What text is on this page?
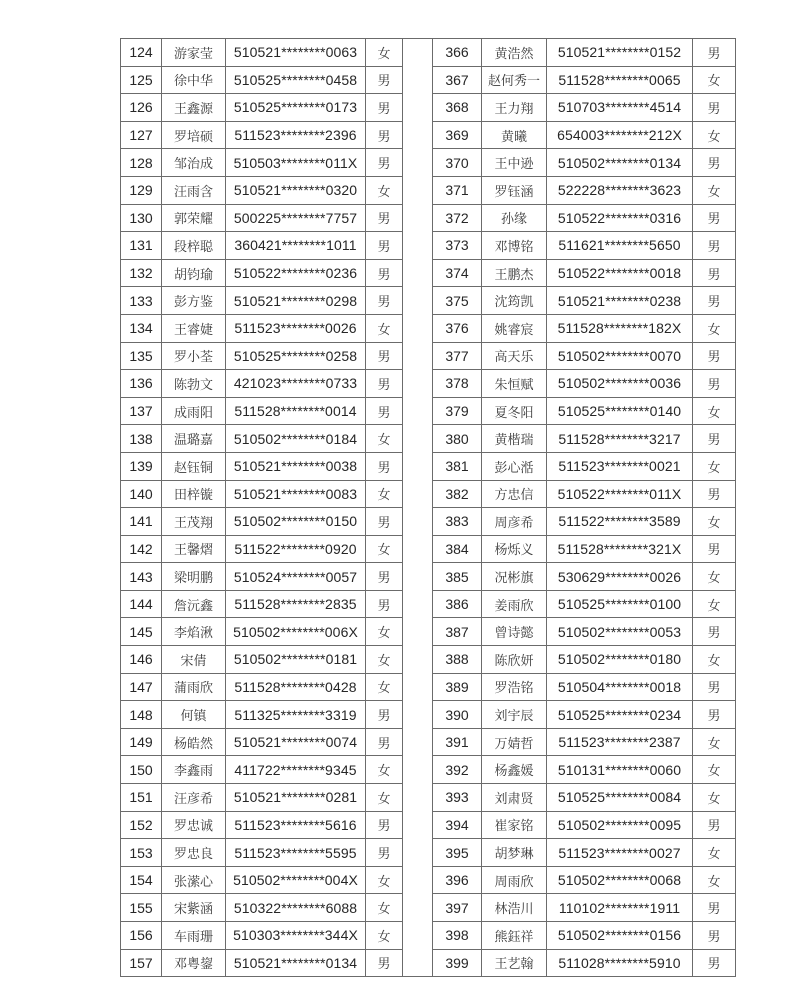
124	游家莹	510521********0063	女		366	黄浩然	510521********0152	男
125	徐中华	510525********0458	男		367	赵何秀一	511528********0065	女
126	王鑫源	510525********0173	男		368	王力翔	510703********4514	男
127	罗培硕	511523********2396	男		369	黄曦	654003********212X	女
128	邹治成	510503********011X	男		370	王中逊	510502********0134	男
129	汪雨含	510521********0320	女		371	罗钰涵	522228********3623	女
130	郭荣耀	500225********7757	男		372	孙缘	510522********0316	男
131	段梓聪	360421********1011	男		373	邓博铭	511621********5650	男
132	胡钧瑜	510522********0236	男		374	王鹏杰	510522********0018	男
133	彭方鉴	510521********0298	男		375	沈筠凯	510521********0238	男
134	王睿婕	511523********0026	女		376	姚睿宸	511528********182X	女
135	罗小荃	510525********0258	男		377	高天乐	510502********0070	男
136	陈勃文	421023********0733	男		378	朱恒赋	510502********0036	男
137	成雨阳	511528********0014	男		379	夏冬阳	510525********0140	女
138	温璐嘉	510502********0184	女		380	黄楷瑞	511528********3217	男
139	赵钰铜	510521********0038	男		381	彭心湉	511523********0021	女
140	田梓镟	510521********0083	女		382	方忠信	510522********011X	男
141	王茂翔	510502********0150	男		383	周彦希	511522********3589	女
142	王馨熠	511522********0920	女		384	杨烁义	511528********321X	男
143	梁明鹏	510524********0057	男		385	况彬旗	530629********0026	女
144	詹沅鑫	511528********2835	男		386	姜雨欣	510525********0100	女
145	李焰湫	510502********006X	女		387	曾诗懿	510502********0053	男
146	宋倩	510502********0181	女		388	陈欣妍	510502********0180	女
147	蒲雨欣	511528********0428	女		389	罗浩铭	510504********0018	男
148	何镇	511325********3319	男		390	刘宇辰	510525********0234	男
149	杨皓然	510521********0074	男		391	万婧哲	511523********2387	女
150	李鑫雨	411722********9345	女		392	杨鑫媛	510131********0060	女
151	汪彦希	510521********0281	女		393	刘肃贤	510525********0084	女
152	罗忠诚	511523********5616	男		394	崔家铭	510502********0095	男
153	罗忠良	511523********5595	男		395	胡梦琳	511523********0027	女
154	张潆心	510502********004X	女		396	周雨欣	510502********0068	女
155	宋紫涵	510322********6088	女		397	林浩川	110102********1911	男
156	车雨珊	510303********344X	女		398	熊鈺祥	510502********0156	男
157	邓粤鋆	510521********0134	男		399	王艺翰	511028********5910	男
